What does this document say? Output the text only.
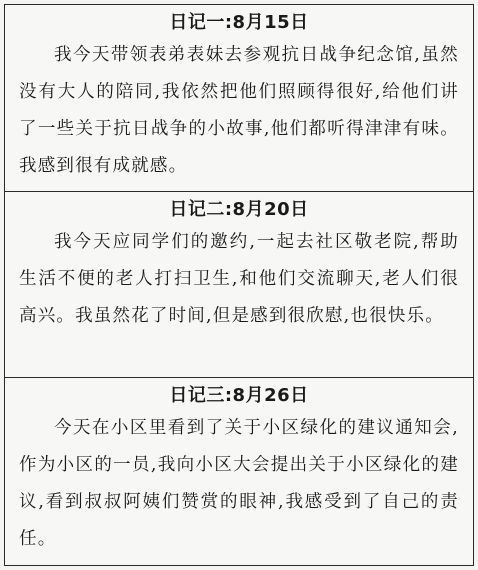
日记一:8月15日
我今天带领表弟表妹去参观抗日战争纪念馆,虽然没有大人的陪同,我依然把他们照顾得很好,给他们讲了一些关于抗日战争的小故事,他们都听得津津有味。我感到很有成就感。
日记二:8月20日
我今天应同学们的邀约,一起去社区敬老院,帮助生活不便的老人打扫卫生,和他们交流聊天,老人们很高兴。我虽然花了时间,但是感到很欣慰,也很快乐。
日记三:8月26日
今天在小区里看到了关于小区绿化的建议通知会,作为小区的一员,我向小区大会提出关于小区绿化的建议,看到叔叔阿姨们赞赏的眼神,我感受到了自己的责任。
